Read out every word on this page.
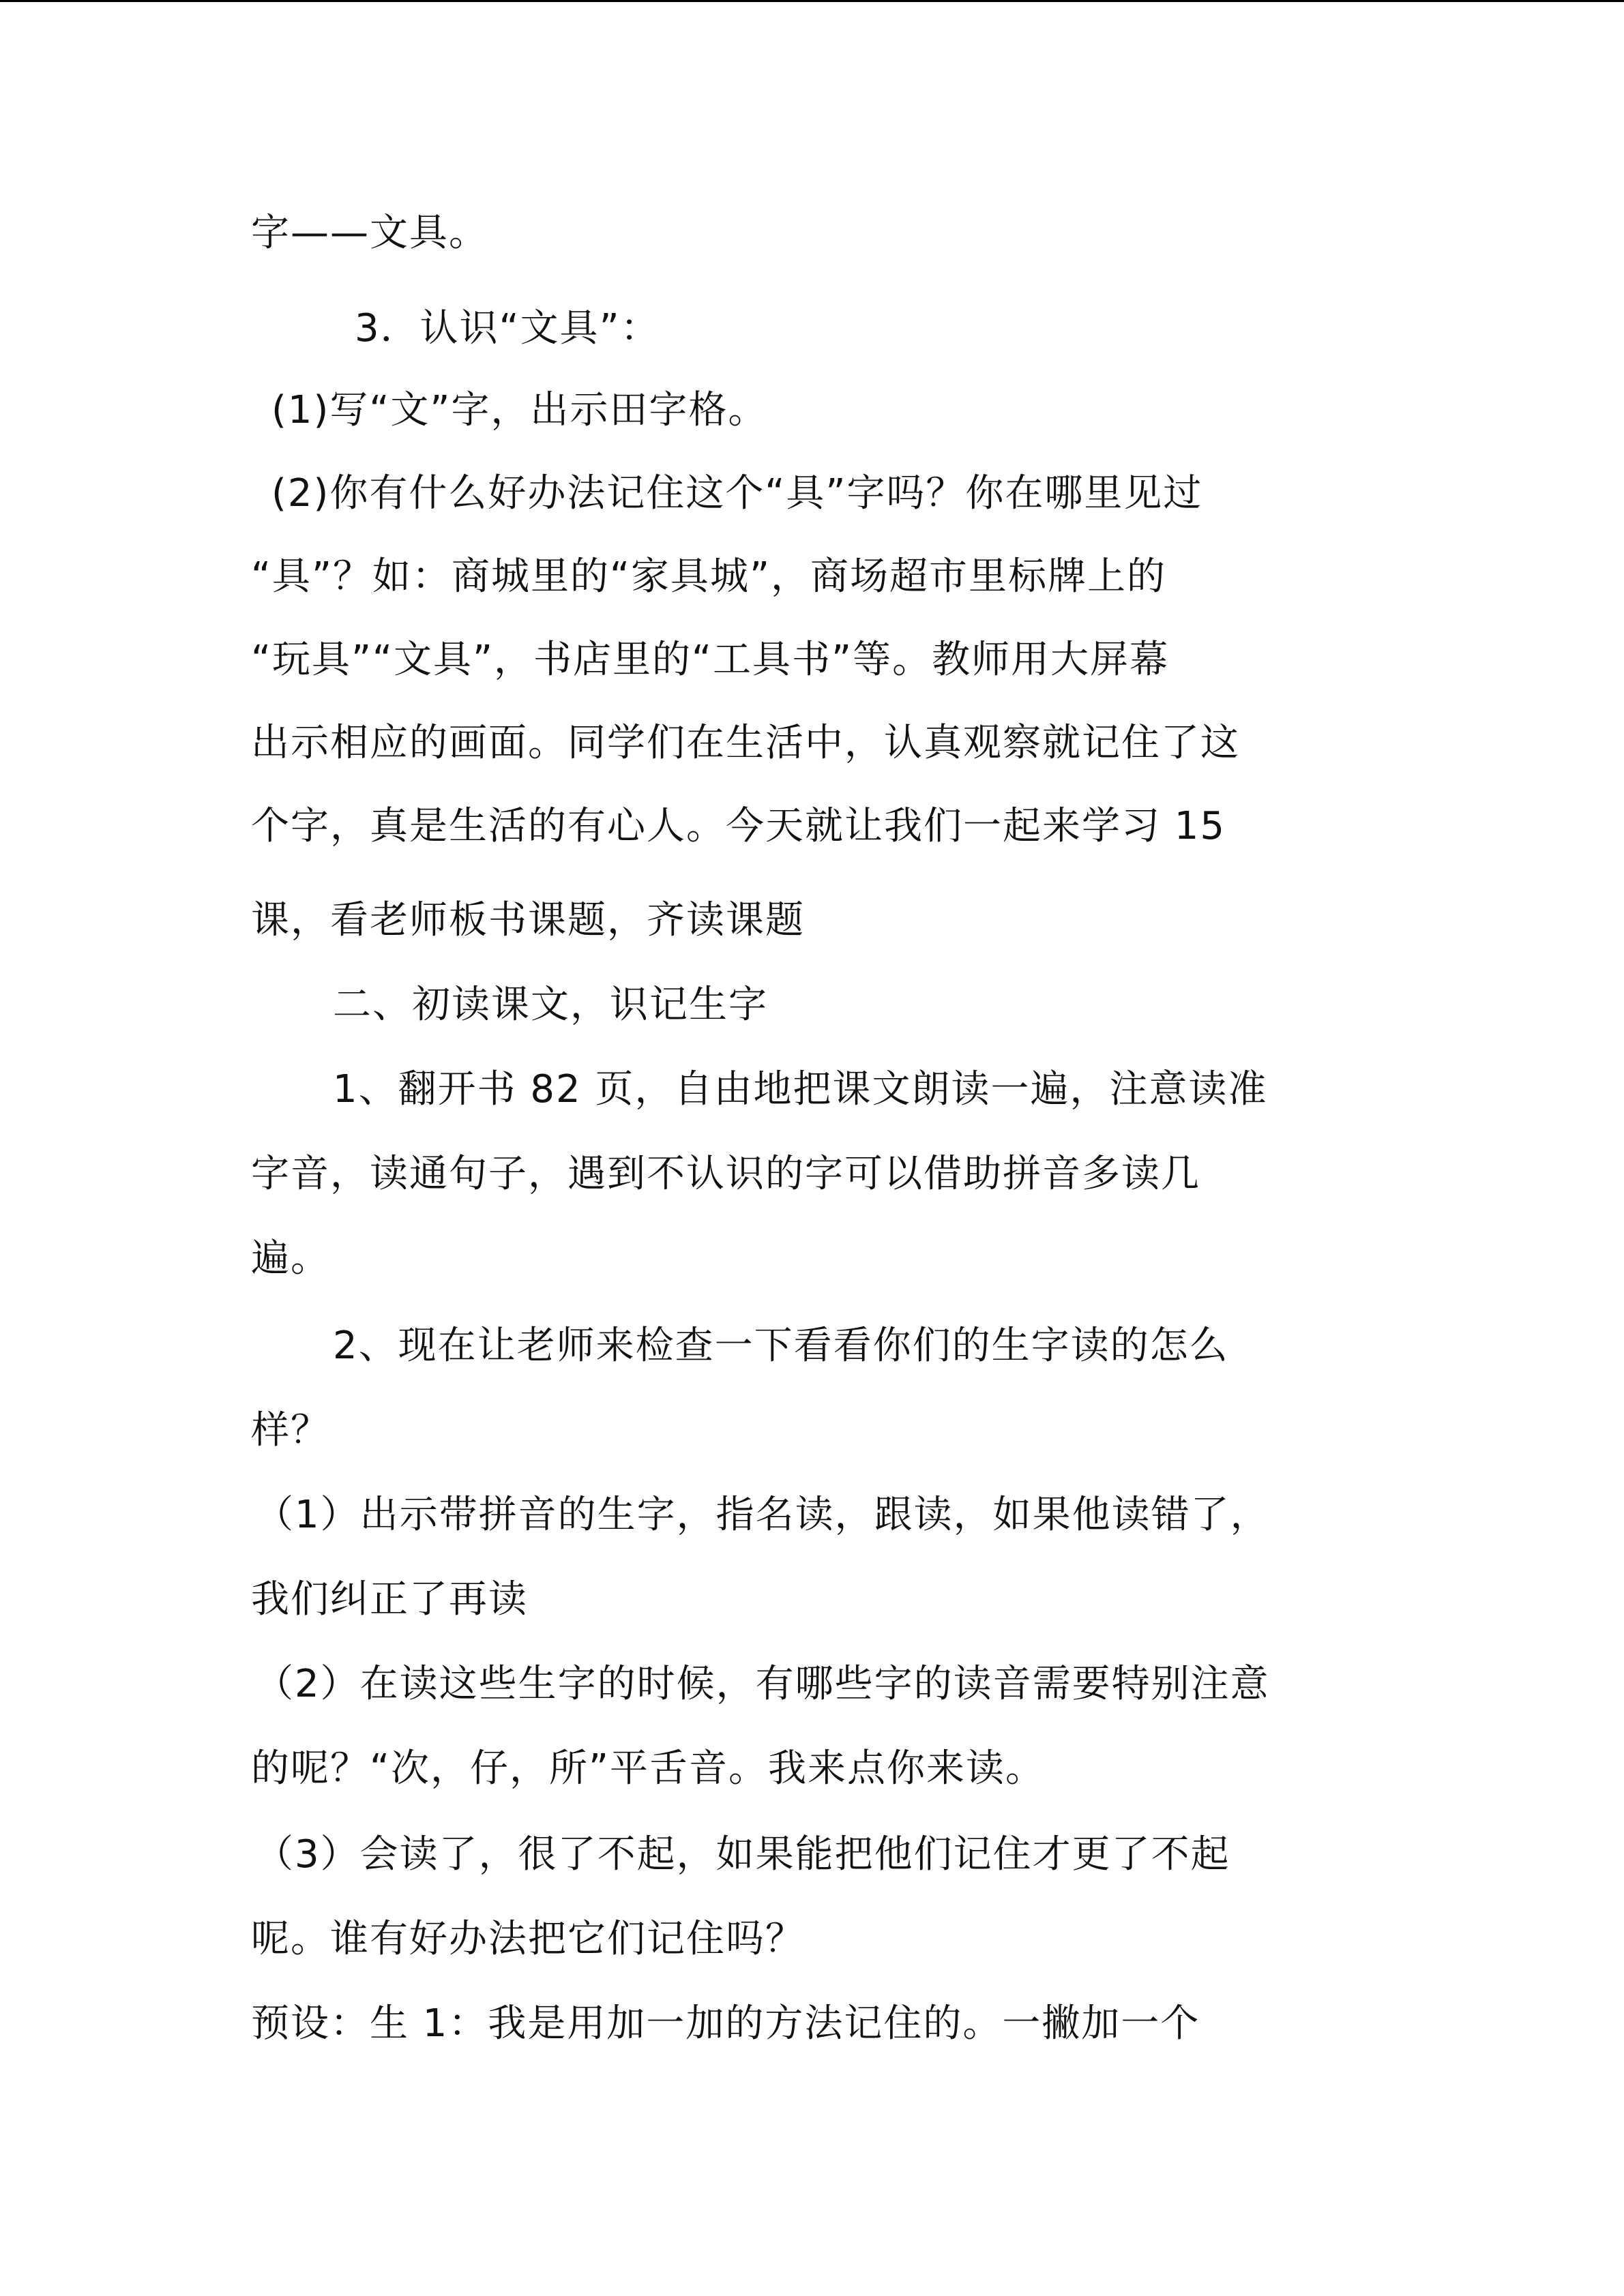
字——文具。
3．认识“文具”：
(1)写“文”字，出示田字格。
(2)你有什么好办法记住这个“具”字吗？你在哪里见过
“具”？如：商城里的“家具城”，商场超市里标牌上的
“玩具”“文具”，书店里的“工具书”等。教师用大屏幕
出示相应的画面。同学们在生活中，认真观察就记住了这
个字，真是生活的有心人。今天就让我们一起来学习 15
课，看老师板书课题，齐读课题
二、初读课文，识记生字
1、翻开书 82 页，自由地把课文朗读一遍，注意读准
字音，读通句子，遇到不认识的字可以借助拼音多读几
遍。
2、现在让老师来检查一下看看你们的生字读的怎么
样？
（1）出示带拼音的生字，指名读，跟读，如果他读错了，
我们纠正了再读
（2）在读这些生字的时候，有哪些字的读音需要特别注意
的呢？“次，仔，所”平舌音。我来点你来读。
（3）会读了，很了不起，如果能把他们记住才更了不起
呢。谁有好办法把它们记住吗？
预设：生 1：我是用加一加的方法记住的。一撇加一个
